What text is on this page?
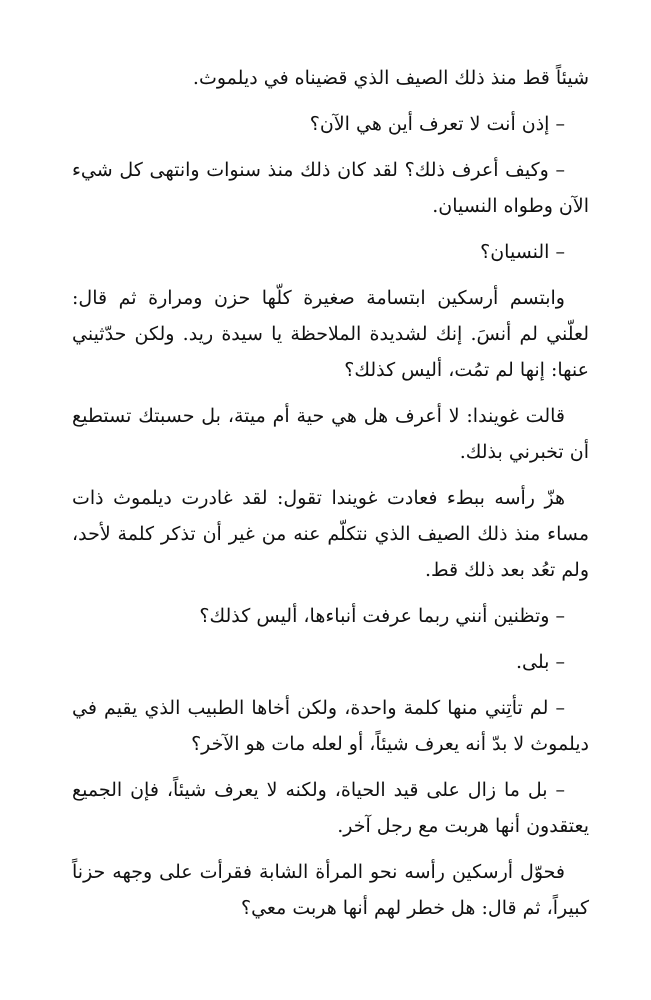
شيئاً قط منذ ذلك الصيف الذي قضيناه في ديلموث.

– إذن أنت لا تعرف أين هي الآن؟

– وكيف أعرف ذلك؟ لقد كان ذلك منذ سنوات وانتهى كل شيء الآن وطواه النسيان.

– النسيان؟

وابتسم أرسكين ابتسامة صغيرة كلّها حزن ومرارة ثم قال: لعلّني لم أنسَ. إنك لشديدة الملاحظة يا سيدة ريد. ولكن حدّثيني عنها: إنها لم تمُت، أليس كذلك؟

قالت غويندا: لا أعرف هل هي حية أم ميتة، بل حسبتك تستطيع أن تخبرني بذلك.

هزّ رأسه ببطء فعادت غويندا تقول: لقد غادرت ديلموث ذات مساء منذ ذلك الصيف الذي نتكلّم عنه من غير أن تذكر كلمة لأحد، ولم تعُد بعد ذلك قط.

– وتظنين أنني ربما عرفت أنباءها، أليس كذلك؟

– بلى.

– لم تأتِني منها كلمة واحدة، ولكن أخاها الطبيب الذي يقيم في ديلموث لا بدّ أنه يعرف شيئاً، أو لعله مات هو الآخر؟

– بل ما زال على قيد الحياة، ولكنه لا يعرف شيئاً، فإن الجميع يعتقدون أنها هربت مع رجل آخر.

فحوّل أرسكين رأسه نحو المرأة الشابة فقرأت على وجهه حزناً كبيراً، ثم قال: هل خطر لهم أنها هربت معي؟
